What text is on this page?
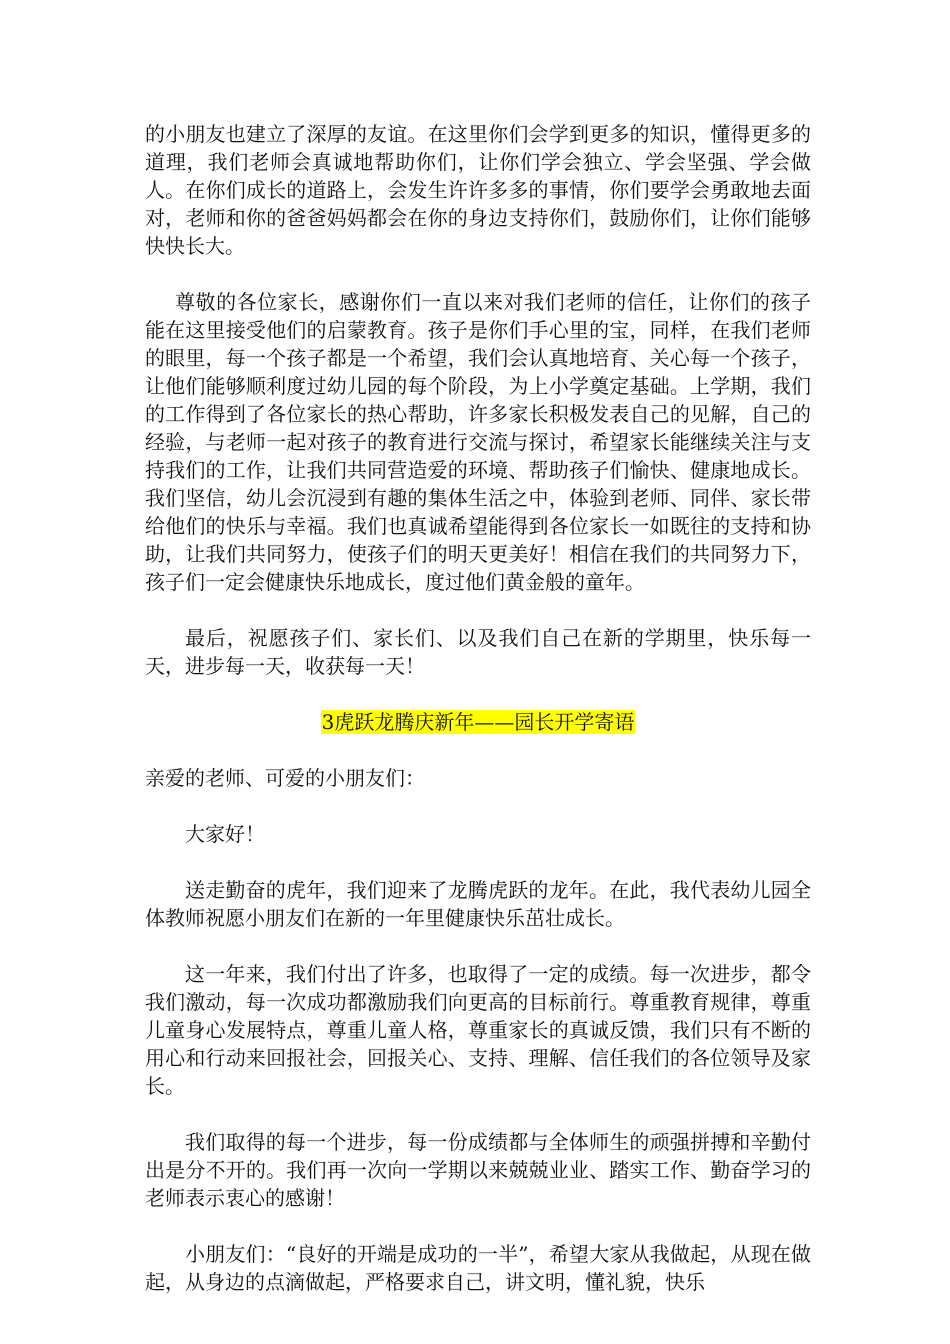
的小朋友也建立了深厚的友谊。在这里你们会学到更多的知识，懂得更多的道理，我们老师会真诚地帮助你们，让你们学会独立、学会坚强、学会做人。在你们成长的道路上，会发生许许多多的事情，你们要学会勇敢地去面对，老师和你的爸爸妈妈都会在你的身边支持你们，鼓励你们，让你们能够快快长大。

尊敬的各位家长，感谢你们一直以来对我们老师的信任，让你们的孩子能在这里接受他们的启蒙教育。孩子是你们手心里的宝，同样，在我们老师的眼里，每一个孩子都是一个希望，我们会认真地培育、关心每一个孩子，让他们能够顺利度过幼儿园的每个阶段，为上小学奠定基础。上学期，我们的工作得到了各位家长的热心帮助，许多家长积极发表自己的见解，自己的经验，与老师一起对孩子的教育进行交流与探讨，希望家长能继续关注与支持我们的工作，让我们共同营造爱的环境、帮助孩子们愉快、健康地成长。我们坚信，幼儿会沉浸到有趣的集体生活之中，体验到老师、同伴、家长带给他们的快乐与幸福。我们也真诚希望能得到各位家长一如既往的支持和协助，让我们共同努力，使孩子们的明天更美好！相信在我们的共同努力下，孩子们一定会健康快乐地成长，度过他们黄金般的童年。

最后，祝愿孩子们、家长们、以及我们自己在新的学期里，快乐每一天，进步每一天，收获每一天！

3虎跃龙腾庆新年——园长开学寄语

亲爱的老师、可爱的小朋友们：

大家好！

送走勤奋的虎年，我们迎来了龙腾虎跃的龙年。在此，我代表幼儿园全体教师祝愿小朋友们在新的一年里健康快乐茁壮成长。

这一年来，我们付出了许多，也取得了一定的成绩。每一次进步，都令我们激动，每一次成功都激励我们向更高的目标前行。尊重教育规律，尊重儿童身心发展特点，尊重儿童人格，尊重家长的真诚反馈，我们只有不断的用心和行动来回报社会，回报关心、支持、理解、信任我们的各位领导及家长。

我们取得的每一个进步，每一份成绩都与全体师生的顽强拼搏和辛勤付出是分不开的。我们再一次向一学期以来兢兢业业、踏实工作、勤奋学习的老师表示衷心的感谢！

小朋友们：“良好的开端是成功的一半”，希望大家从我做起，从现在做起，从身边的点滴做起，严格要求自己，讲文明，懂礼貌，快乐
